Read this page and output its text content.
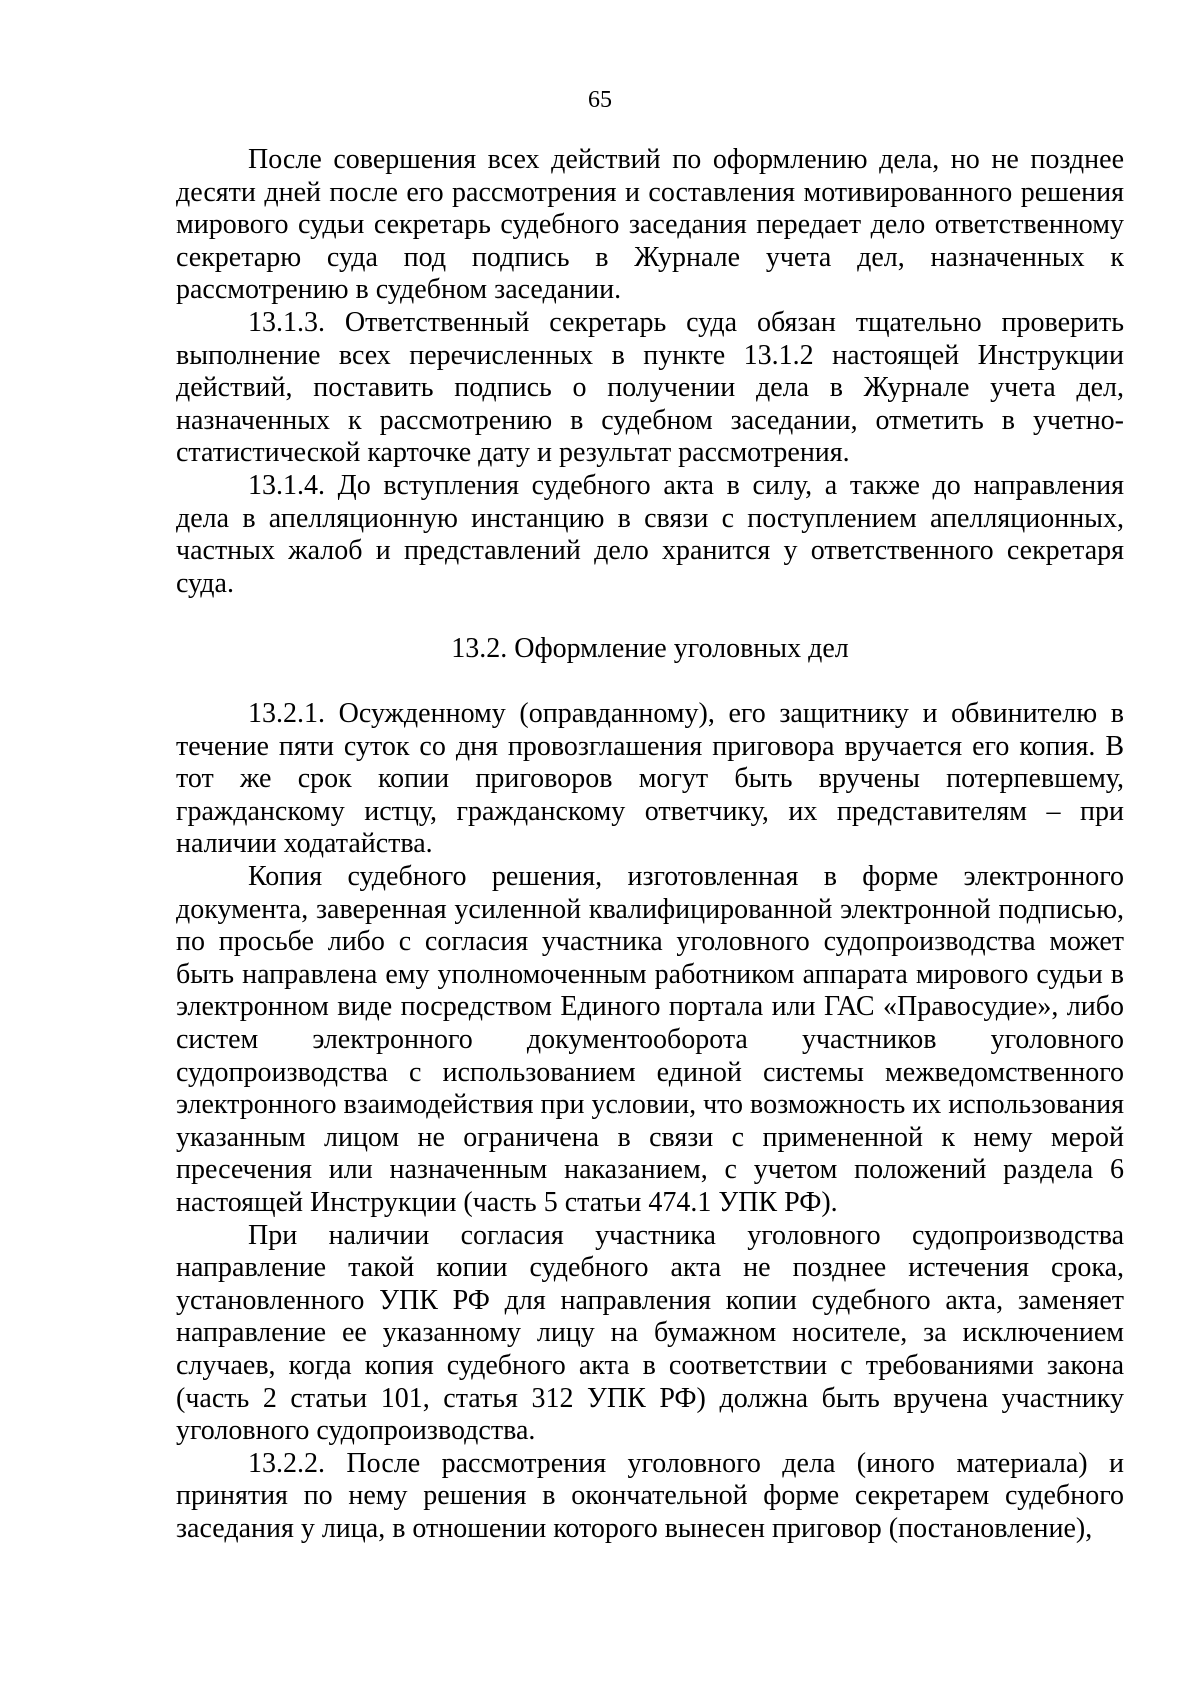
65

После совершения всех действий по оформлению дела, но не позднее десяти дней после его рассмотрения и составления мотивированного решения мирового судьи секретарь судебного заседания передает дело ответственному секретарю суда под подпись в Журнале учета дел, назначенных к рассмотрению в судебном заседании.

13.1.3. Ответственный секретарь суда обязан тщательно проверить выполнение всех перечисленных в пункте 13.1.2 настоящей Инструкции действий, поставить подпись о получении дела в Журнале учета дел, назначенных к рассмотрению в судебном заседании, отметить в учетно-статистической карточке дату и результат рассмотрения.

13.1.4. До вступления судебного акта в силу, а также до направления дела в апелляционную инстанцию в связи с поступлением апелляционных, частных жалоб и представлений дело хранится у ответственного секретаря суда.

13.2. Оформление уголовных дел

13.2.1. Осужденному (оправданному), его защитнику и обвинителю в течение пяти суток со дня провозглашения приговора вручается его копия. В тот же срок копии приговоров могут быть вручены потерпевшему, гражданскому истцу, гражданскому ответчику, их представителям – при наличии ходатайства.

Копия судебного решения, изготовленная в форме электронного документа, заверенная усиленной квалифицированной электронной подписью, по просьбе либо с согласия участника уголовного судопроизводства может быть направлена ему уполномоченным работником аппарата мирового судьи в электронном виде посредством Единого портала или ГАС «Правосудие», либо систем электронного документооборота участников уголовного судопроизводства с использованием единой системы межведомственного электронного взаимодействия при условии, что возможность их использования указанным лицом не ограничена в связи с примененной к нему мерой пресечения или назначенным наказанием, с учетом положений раздела 6 настоящей Инструкции (часть 5 статьи 474.1 УПК РФ).

При наличии согласия участника уголовного судопроизводства направление такой копии судебного акта не позднее истечения срока, установленного УПК РФ для направления копии судебного акта, заменяет направление ее указанному лицу на бумажном носителе, за исключением случаев, когда копия судебного акта в соответствии с требованиями закона (часть 2 статьи 101, статья 312 УПК РФ) должна быть вручена участнику уголовного судопроизводства.

13.2.2. После рассмотрения уголовного дела (иного материала) и принятия по нему решения в окончательной форме секретарем судебного заседания у лица, в отношении которого вынесен приговор (постановление),
